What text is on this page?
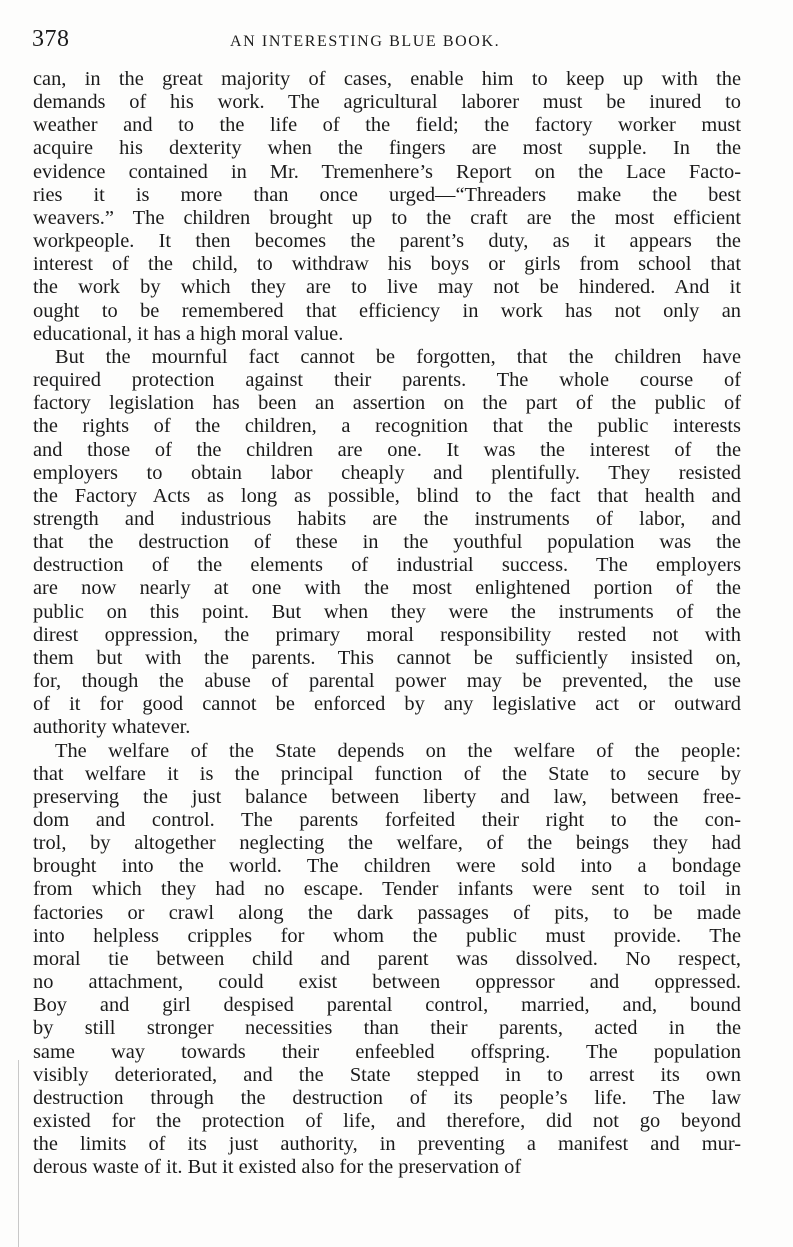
378	AN INTERESTING BLUE BOOK.
can, in the great majority of cases, enable him to keep up with the
demands of his work. The agricultural laborer must be inured to
weather and to the life of the field; the factory worker must
acquire his dexterity when the fingers are most supple. In the
evidence contained in Mr. Tremenhere’s Report on the Lace Facto-
ries it is more than once urged—“Threaders make the best
weavers.” The children brought up to the craft are the most efficient
workpeople. It then becomes the parent’s duty, as it appears the
interest of the child, to withdraw his boys or girls from school that
the work by which they are to live may not be hindered. And it
ought to be remembered that efficiency in work has not only an
educational, it has a high moral value.
But the mournful fact cannot be forgotten, that the children have
required protection against their parents. The whole course of
factory legislation has been an assertion on the part of the public of
the rights of the children, a recognition that the public interests
and those of the children are one. It was the interest of the
employers to obtain labor cheaply and plentifully. They resisted
the Factory Acts as long as possible, blind to the fact that health and
strength and industrious habits are the instruments of labor, and
that the destruction of these in the youthful population was the
destruction of the elements of industrial success. The employers
are now nearly at one with the most enlightened portion of the
public on this point. But when they were the instruments of the
direst oppression, the primary moral responsibility rested not with
them but with the parents. This cannot be sufficiently insisted on,
for, though the abuse of parental power may be prevented, the use
of it for good cannot be enforced by any legislative act or outward
authority whatever.
The welfare of the State depends on the welfare of the people:
that welfare it is the principal function of the State to secure by
preserving the just balance between liberty and law, between free-
dom and control. The parents forfeited their right to the con-
trol, by altogether neglecting the welfare, of the beings they had
brought into the world. The children were sold into a bondage
from which they had no escape. Tender infants were sent to toil in
factories or crawl along the dark passages of pits, to be made
into helpless cripples for whom the public must provide. The
moral tie between child and parent was dissolved. No respect,
no attachment, could exist between oppressor and oppressed.
Boy and girl despised parental control, married, and, bound
by still stronger necessities than their parents, acted in the
same way towards their enfeebled offspring. The population
visibly deteriorated, and the State stepped in to arrest its own
destruction through the destruction of its people’s life. The law
existed for the protection of life, and therefore, did not go beyond
the limits of its just authority, in preventing a manifest and mur-
derous waste of it. But it existed also for the preservation of
